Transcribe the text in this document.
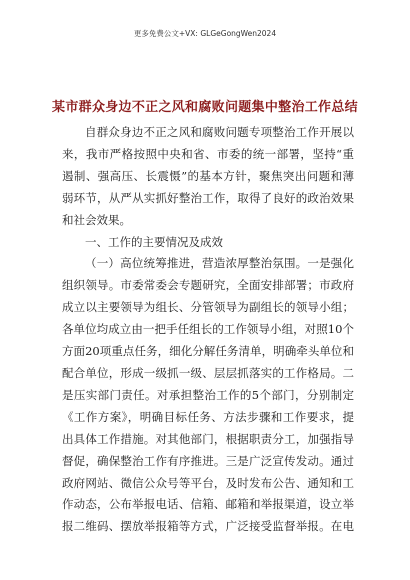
更多免费公文+VX: GLGeGongWen2024
某市群众身边不正之风和腐败问题集中整治工作总结
自群众身边不正之风和腐败问题专项整治工作开展以
来，我市严格按照中央和省、市委的统一部署，坚持“重
遏制、强高压、长震慑”的基本方针，聚焦突出问题和薄
弱环节，从严从实抓好整治工作，取得了良好的政治效果
和社会效果。
一、工作的主要情况及成效
（一）高位统筹推进，营造浓厚整治氛围。一是强化
组织领导。市委常委会专题研究，全面安排部署；市政府
成立以主要领导为组长、分管领导为副组长的领导小组；
各单位均成立由一把手任组长的工作领导小组，对照10个
方面20项重点任务，细化分解任务清单，明确牵头单位和
配合单位，形成一级抓一级、层层抓落实的工作格局。二
是压实部门责任。对承担整治工作的5个部门，分别制定
《工作方案》，明确目标任务、方法步骤和工作要求，提
出具体工作措施。对其他部门，根据职责分工，加强指导
督促，确保整治工作有序推进。三是广泛宣传发动。通过
政府网站、微信公众号等平台，及时发布公告、通知和工
作动态，公布举报电话、信箱、邮箱和举报渠道，设立举
报二维码、摆放举报箱等方式，广泛接受监督举报。在电
